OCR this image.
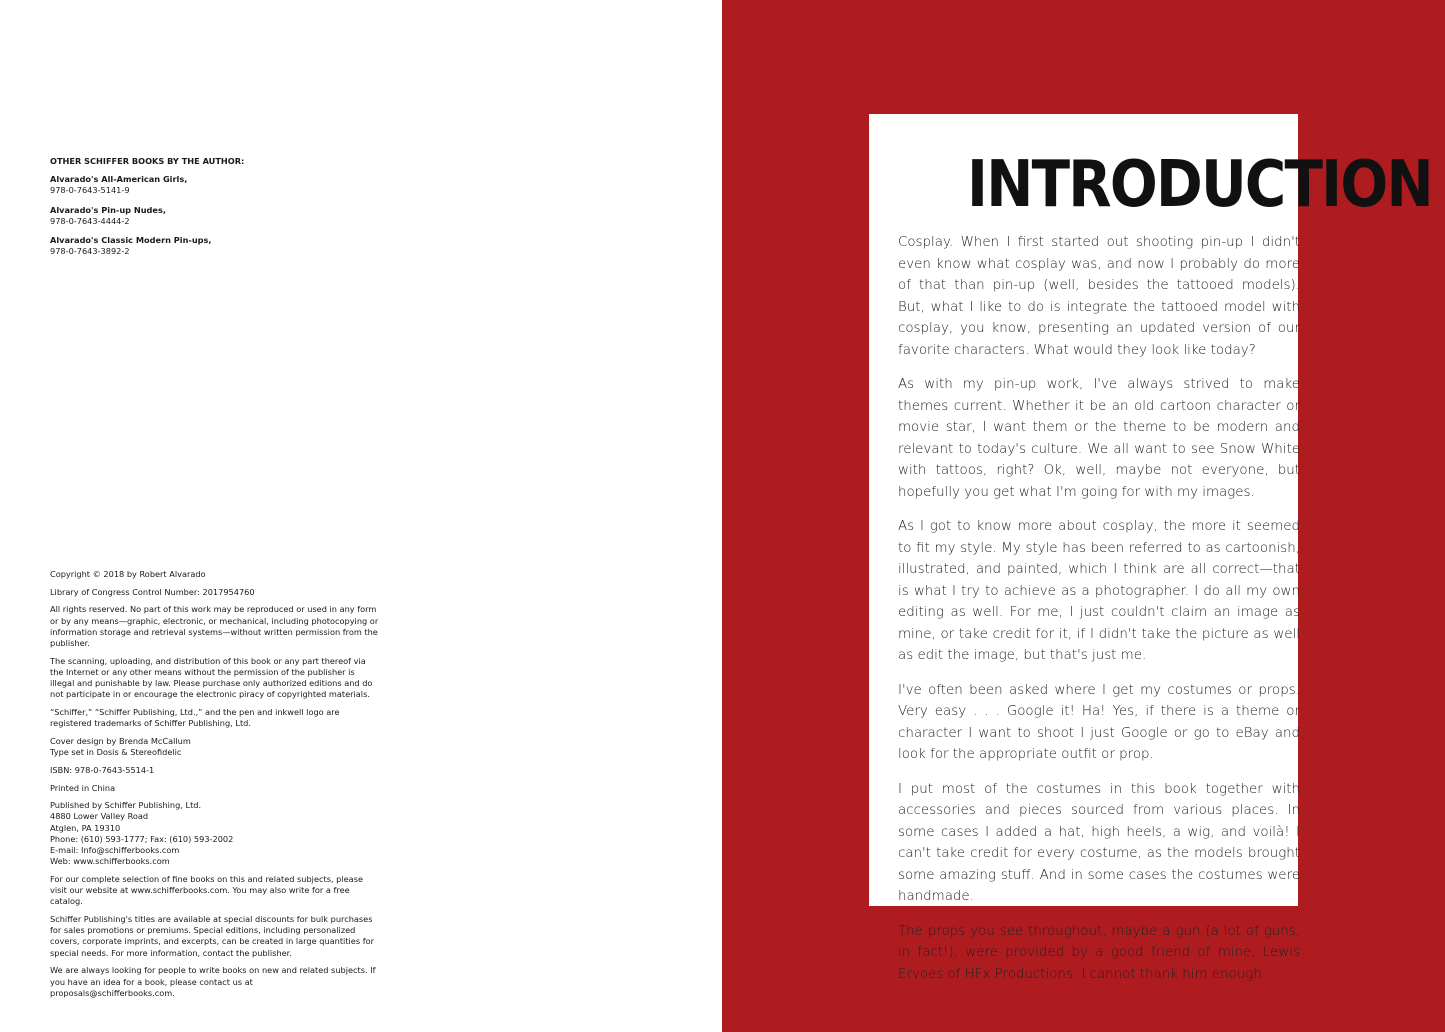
OTHER SCHIFFER BOOKS BY THE AUTHOR:
Alvarado's All-American Girls,
978-0-7643-5141-9
Alvarado's Pin-up Nudes,
978-0-7643-4444-2
Alvarado's Classic Modern Pin-ups,
978-0-7643-3892-2

Copyright © 2018 by Robert Alvarado

Library of Congress Control Number: 2017954760

All rights reserved. No part of this work may be reproduced or used in any form or by any means—graphic, electronic, or mechanical, including photocopying or information storage and retrieval systems—without written permission from the publisher.

The scanning, uploading, and distribution of this book or any part thereof via the Internet or any other means without the permission of the publisher is illegal and punishable by law. Please purchase only authorized editions and do not participate in or encourage the electronic piracy of copyrighted materials.

“Schiffer,” “Schiffer Publishing, Ltd.,” and the pen and inkwell logo are registered trademarks of Schiffer Publishing, Ltd.

Cover design by Brenda McCallum
Type set in Dosis & Stereofidelic

ISBN: 978-0-7643-5514-1

Printed in China

Published by Schiffer Publishing, Ltd.
4880 Lower Valley Road
Atglen, PA 19310
Phone: (610) 593-1777; Fax: (610) 593-2002
E-mail: Info@schifferbooks.com
Web: www.schifferbooks.com

For our complete selection of fine books on this and related subjects, please visit our website at www.schifferbooks.com. You may also write for a free catalog.

Schiffer Publishing's titles are available at special discounts for bulk purchases for sales promotions or premiums. Special editions, including personalized covers, corporate imprints, and excerpts, can be created in large quantities for special needs. For more information, contact the publisher.

We are always looking for people to write books on new and related subjects. If you have an idea for a book, please contact us at proposals@schifferbooks.com.

INTRODUCTION

Cosplay. When I first started out shooting pin-up I didn't even know what cosplay was, and now I probably do more of that than pin-up (well, besides the tattooed models). But, what I like to do is integrate the tattooed model with cosplay, you know, presenting an updated version of our favorite characters. What would they look like today?

As with my pin-up work, I've always strived to make themes current. Whether it be an old cartoon character or movie star, I want them or the theme to be modern and relevant to today's culture. We all want to see Snow White with tattoos, right? Ok, well, maybe not everyone, but hopefully you get what I'm going for with my images.

As I got to know more about cosplay, the more it seemed to fit my style. My style has been referred to as cartoonish, illustrated, and painted, which I think are all correct—that is what I try to achieve as a photographer. I do all my own editing as well. For me, I just couldn't claim an image as mine, or take credit for it, if I didn't take the picture as well as edit the image, but that's just me.

I've often been asked where I get my costumes or props. Very easy . . . Google it! Ha! Yes, if there is a theme or character I want to shoot I just Google or go to eBay and look for the appropriate outfit or prop.

I put most of the costumes in this book together with accessories and pieces sourced from various places. In some cases I added a hat, high heels, a wig, and voilà! I can't take credit for every costume, as the models brought some amazing stuff. And in some cases the costumes were handmade.

The props you see throughout, maybe a gun (a lot of guns, in fact!), were provided by a good friend of mine, Lewis Ervoes of HFx Productions. I cannot thank him enough.
